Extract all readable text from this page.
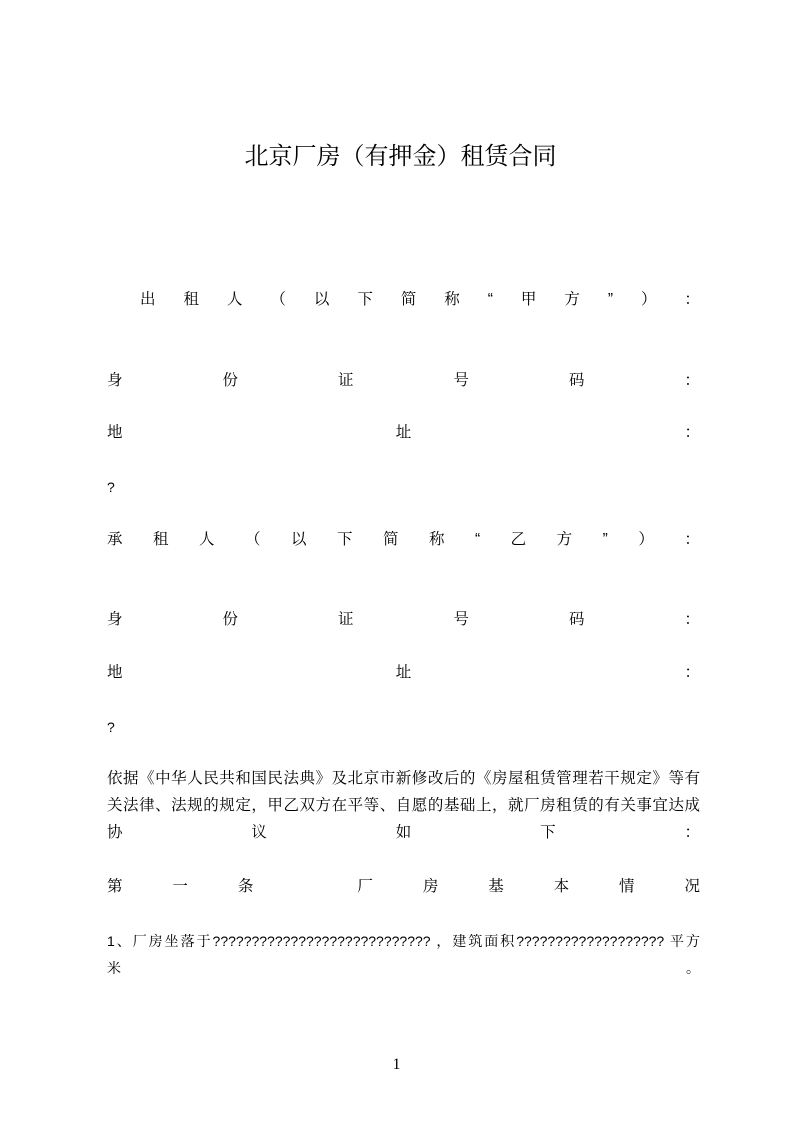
北京厂房（有押金）租赁合同
出 租 人 （ 以 下 简 称 “ 甲 方 ” ） ：
身	份	证	号	码	：
地	址	：
?
承 租 人 （ 以 下 简 称 “ 乙 方 ” ） ：
身	份	证	号	码	：
地	址	：
?
依据《中华人民共和国民法典》及北京市新修改后的《房屋租赁管理若干规定》等有
关法律、法规的规定，甲乙双方在平等、自愿的基础上，就厂房租赁的有关事宜达成
协	议	如	下	：
第	一	条
	厂	房	基	本	情	况
1、厂房坐落于???????????????????????????? ，建筑面积??????????????????? 平方
米	。
1
